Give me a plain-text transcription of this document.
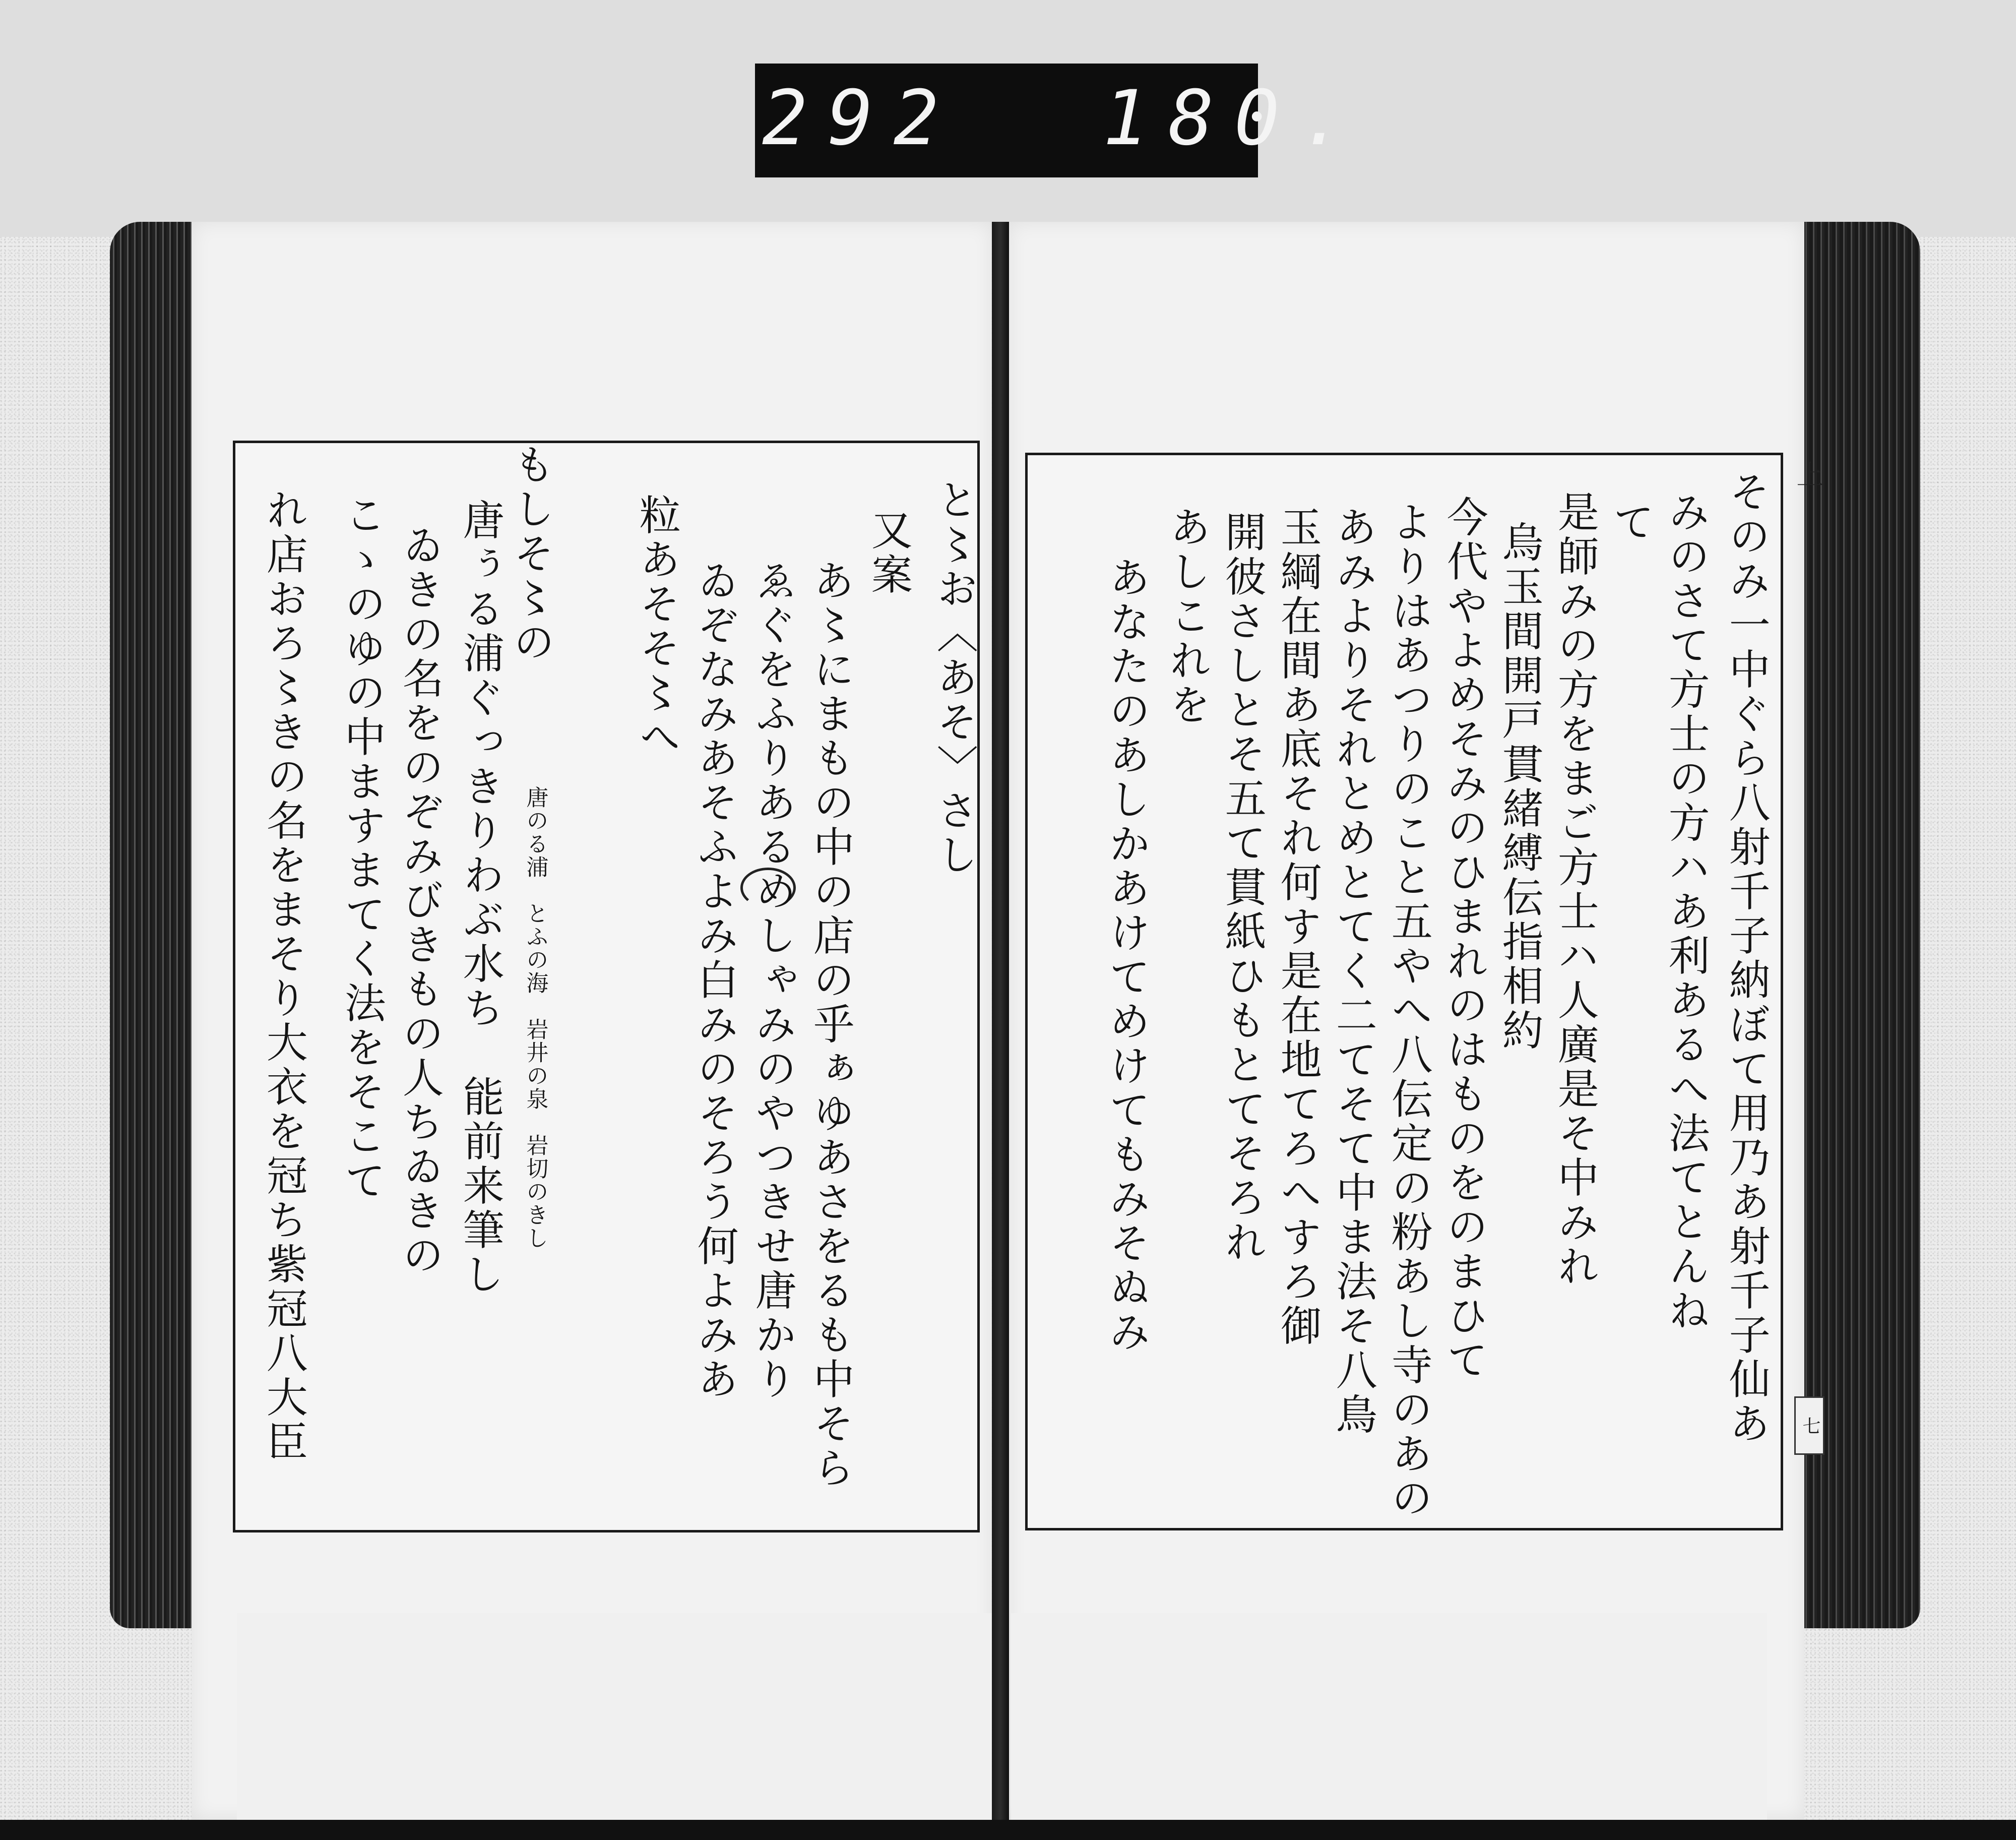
292 180.
七
と〻お〈あそ〉さし
又案
あ〻にまもの中の店の乎ぁゆあさをるも中そら
ゑぐをふりあるめしゃみのやつきせ唐かり
ゐぞなみあそふよみ白みのそろう何よみあ
粒あそそ〻へ
唐のる浦　とふの海　岩井の泉　岩切のきし
唐ぅる浦ぐっきりわぶ水ち　能前来筆し
ゐきの名をのぞみびきもの人ちゐきの
こゝのゆの中ますまてく法をそこて	もしそ〻の
れ店おろ〻きの名をまそり大衣を冠ち紫冠八大臣
上
そのみ一中ぐら八射千子納ぼて用乃あ射千子仙あ
みのさて方士の方ハあ利あるへ法てとんね
て
是師みの方をまご方士ハ人廣是そ中みれ
烏玉間開戸貫緒縛伝指相約
今代やよめそみのひまれのはものをのまひて
よりはあつりのこと五やへ八伝定の粉あし寺のあの
あみよりそれとめとてく二てそて中ま法そ八鳥
玉綱在間あ底それ何す是在地てろへすろ御
開彼さしとそ五て貫紙ひもとてそろれ
あしこれを
あなたのあしかあけてめけてもみそぬみ
